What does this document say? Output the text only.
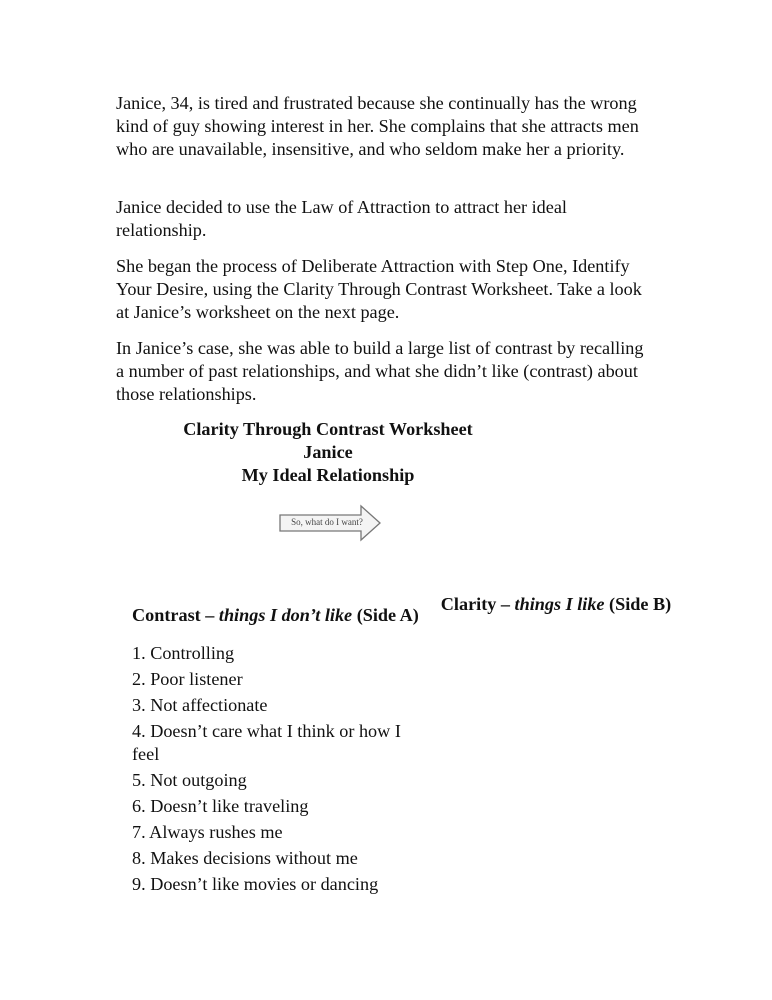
Janice, 34, is tired and frustrated because she continually has the wrong kind of guy showing interest in her. She complains that she attracts men who are unavailable, insensitive, and who seldom make her a priority.

Janice decided to use the Law of Attraction to attract her ideal relationship.

She began the process of Deliberate Attraction with Step One, Identify Your Desire, using the Clarity Through Contrast Worksheet. Take a look at Janice’s worksheet on the next page.

In Janice’s case, she was able to build a large list of contrast by recalling a number of past relationships, and what she didn’t like (contrast) about those relationships.

Clarity Through Contrast Worksheet

Janice

My Ideal Relationship

So, what do I want?

Contrast – things I don’t like (Side A)

Clarity – things I like (Side B)

1. Controlling
2. Poor listener
3. Not affectionate
4. Doesn’t care what I think or how I feel
5. Not outgoing
6. Doesn’t like traveling
7. Always rushes me
8. Makes decisions without me
9. Doesn’t like movies or dancing
